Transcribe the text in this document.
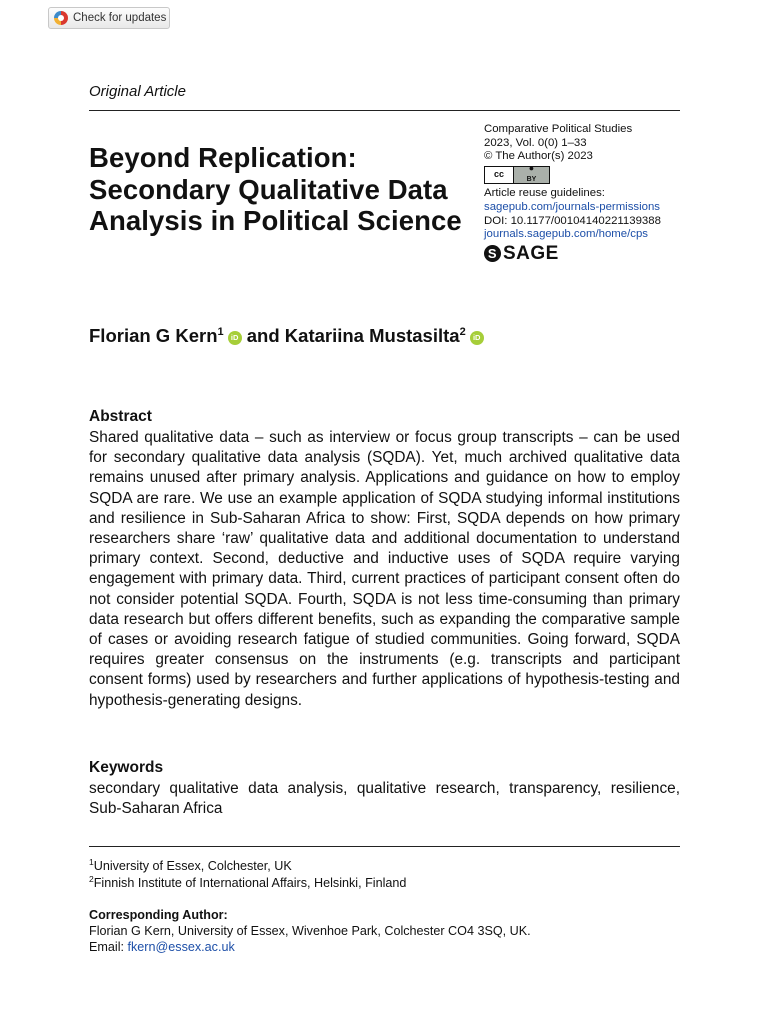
Check for updates
Original Article
Beyond Replication: Secondary Qualitative Data Analysis in Political Science
Comparative Political Studies
2023, Vol. 0(0) 1–33
© The Author(s) 2023
cc
●
BY
Article reuse guidelines:
sagepub.com/journals-permissions
DOI: 10.1177/00104140221139388
journals.sagepub.com/home/cps
S SAGE
Florian G Kern$^1$ iD and Katariina Mustasilta$^2$ iD
Abstract

Shared qualitative data – such as interview or focus group transcripts – can be used for secondary qualitative data analysis (SQDA). Yet, much archived qualitative data remains unused after primary analysis. Applications and guidance on how to employ SQDA are rare. We use an example application of SQDA studying informal institutions and resilience in Sub-Saharan Africa to show: First, SQDA depends on how primary researchers share ‘raw’ qualitative data and additional documentation to understand primary context. Second, deductive and inductive uses of SQDA require varying engagement with primary data. Third, current practices of participant consent often do not consider potential SQDA. Fourth, SQDA is not less time-consuming than primary data research but offers different benefits, such as expanding the comparative sample of cases or avoiding research fatigue of studied communities. Going forward, SQDA requires greater consensus on the instruments (e.g. transcripts and participant consent forms) used by researchers and further applications of hypothesis-testing and hypothesis-generating designs.

Keywords

secondary qualitative data analysis, qualitative research, transparency, resilience, Sub-Saharan Africa

$^1$University of Essex, Colchester, UK
$^2$Finnish Institute of International Affairs, Helsinki, Finland
Corresponding Author:
Florian G Kern, University of Essex, Wivenhoe Park, Colchester CO4 3SQ, UK.
Email: fkern@essex.ac.uk
